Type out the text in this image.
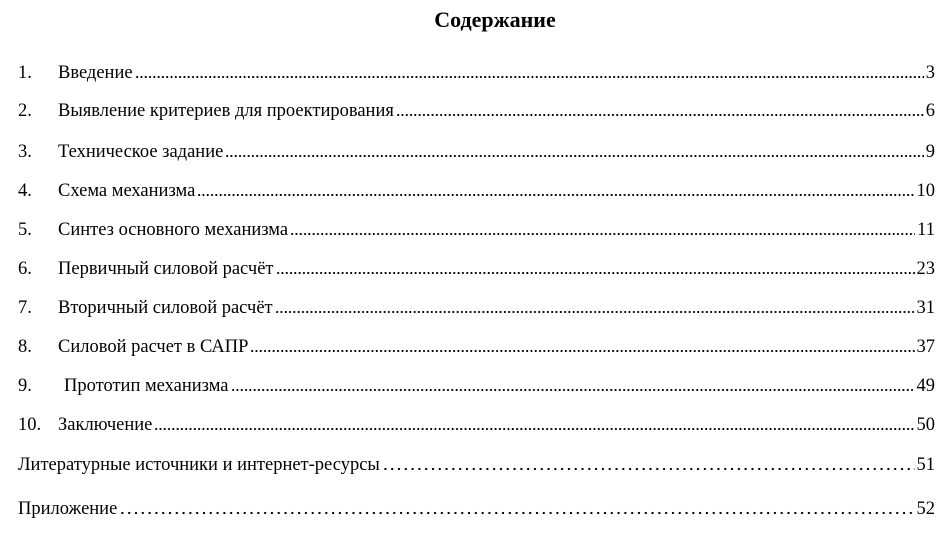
Содержание
1.	Введение	3
2.	Выявление критериев для проектирования	6
3.	Техническое задание	9
4.	Схема механизма	10
5.	Синтез основного механизма	11
6.	Первичный силовой расчёт	23
7.	Вторичный силовой расчёт	31
8.	Силовой расчет в САПР	37
9.	Прототип механизма	49
10. Заключение	50
Литературные источники и интернет-ресурсы	51
Приложение	52
